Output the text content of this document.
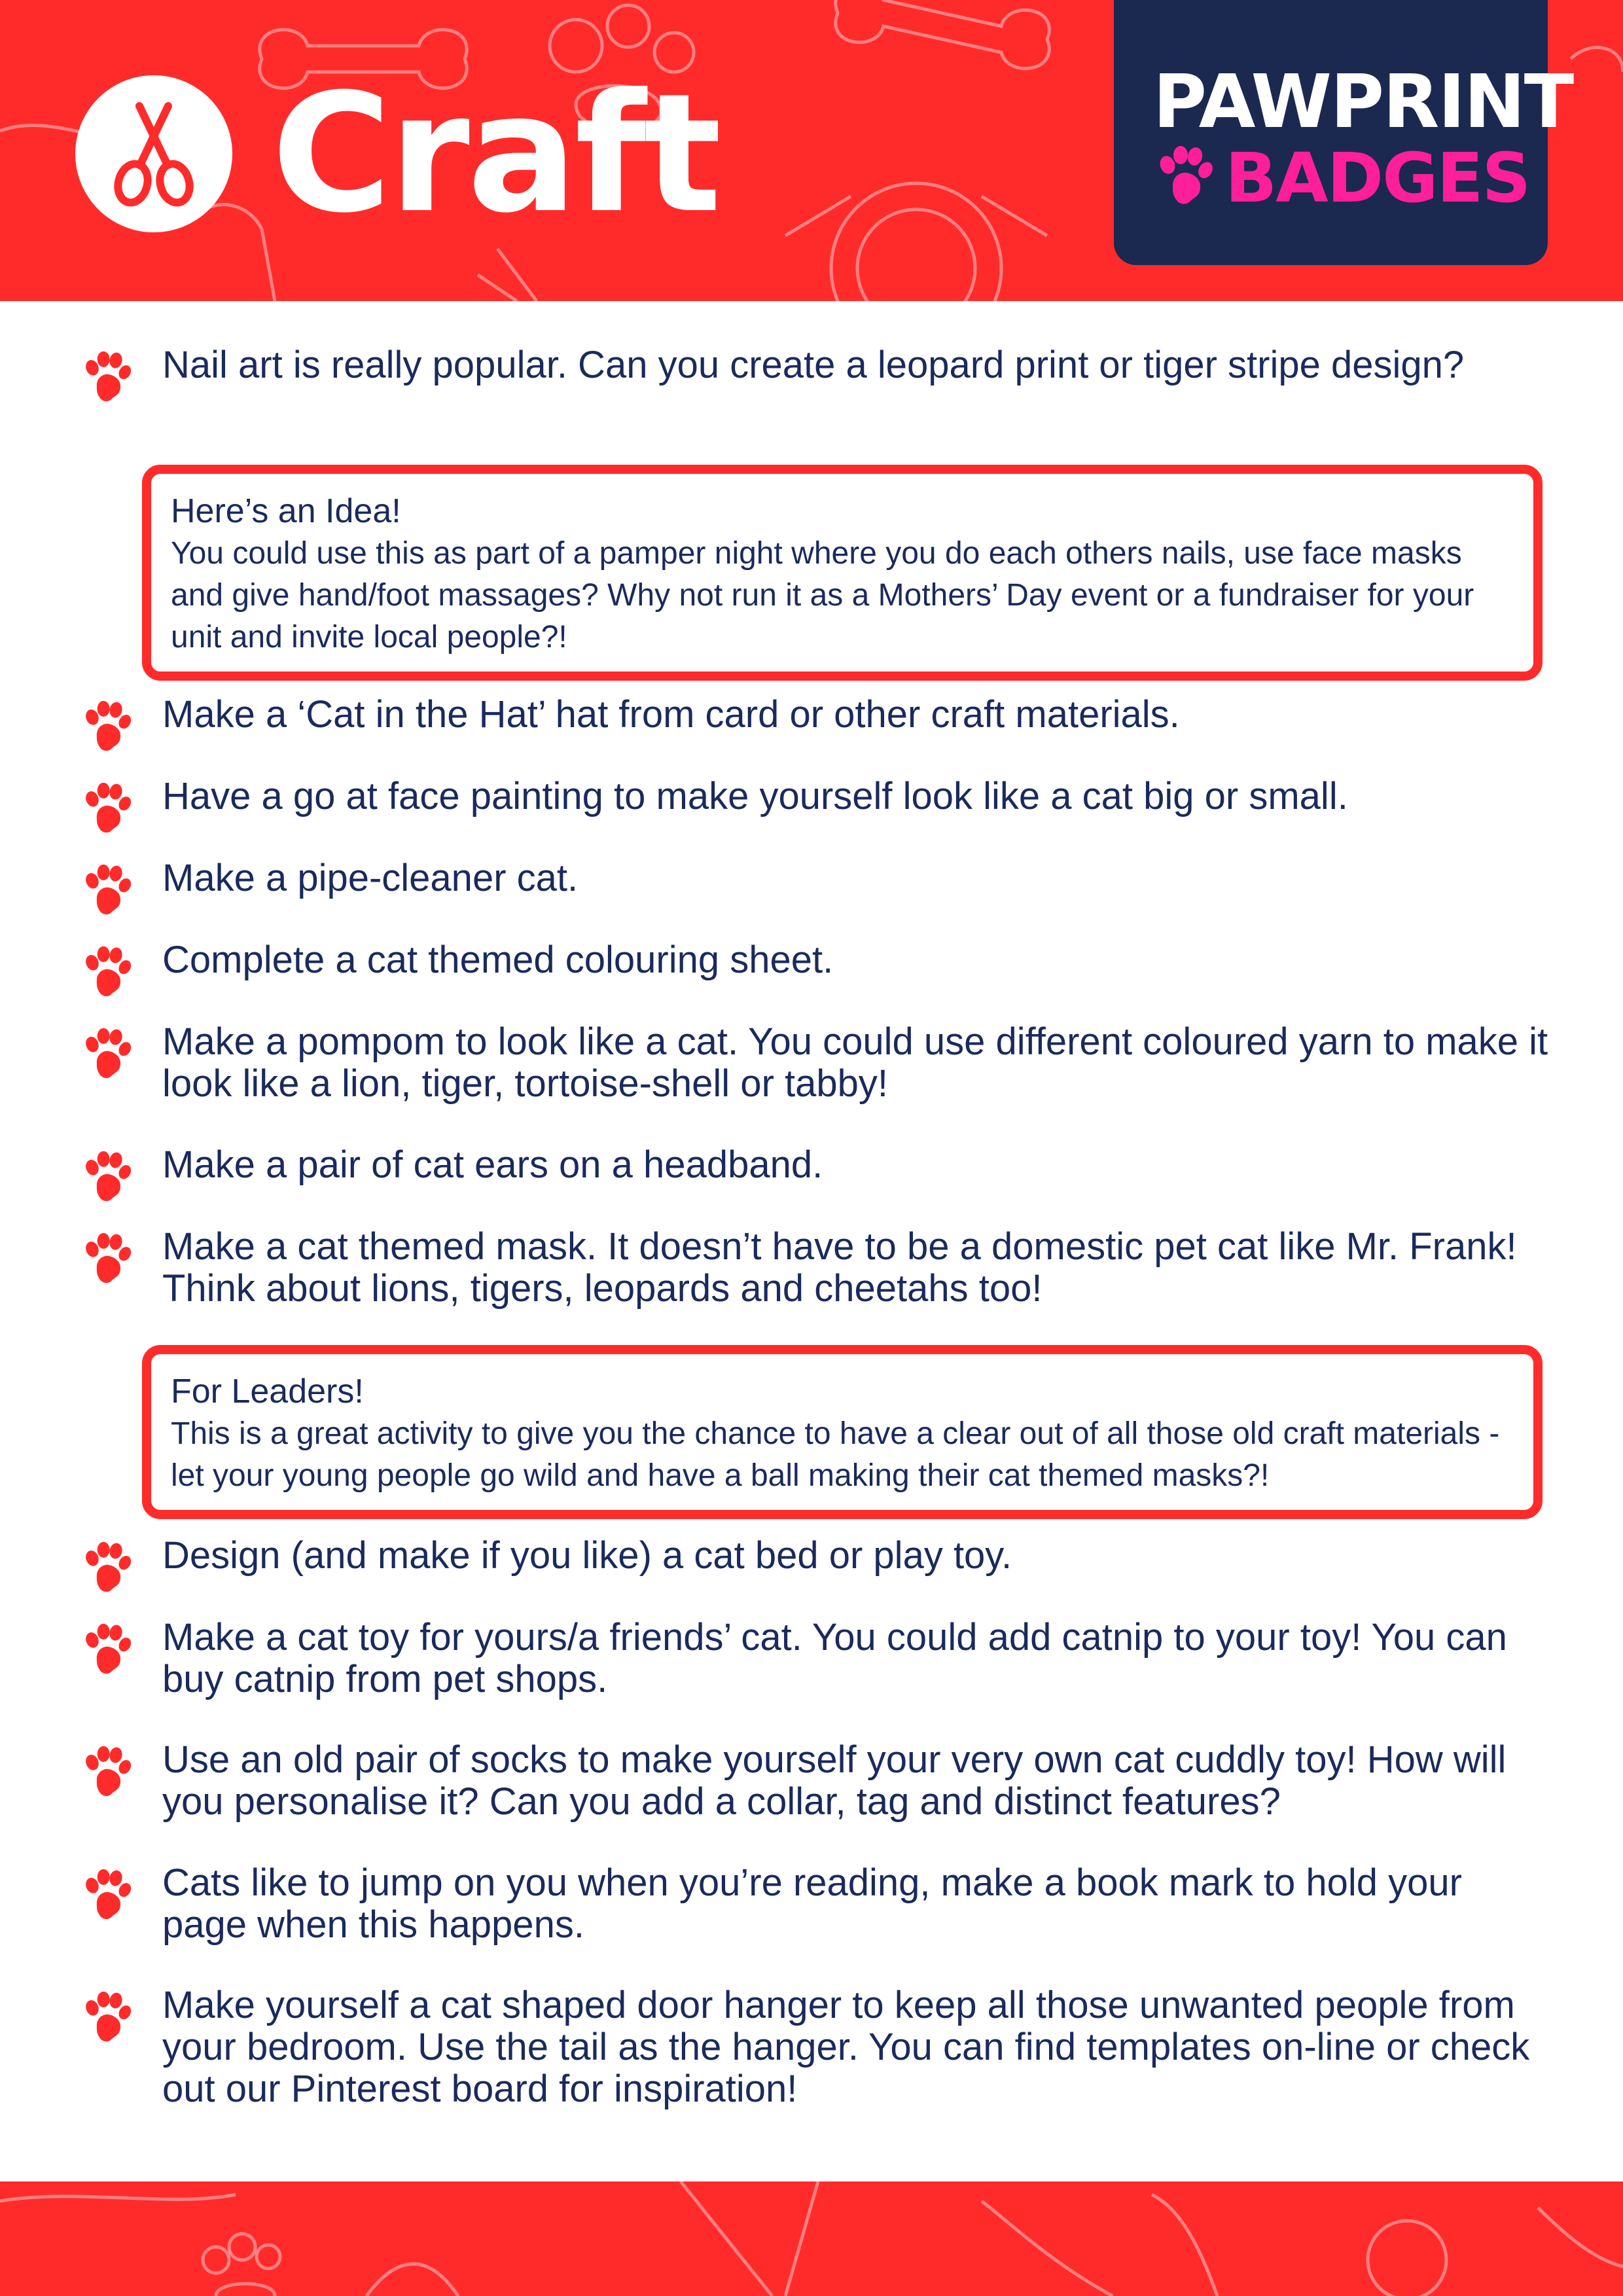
Craft	PAWPRINT
BADGES
Nail art is really popular. Can you create a leopard print or tiger stripe design?
Here’s an Idea!
You could use this as part of a pamper night where you do each others nails, use face masks and give hand/foot massages? Why not run it as a Mothers’ Day event or a fundraiser for your unit and invite local people?!
Make a ‘Cat in the Hat’ hat from card or other craft materials.
Have a go at face painting to make yourself look like a cat big or small.
Make a pipe-cleaner cat.
Complete a cat themed colouring sheet.
Make a pompom to look like a cat. You could use different coloured yarn to make it look like a lion, tiger, tortoise-shell or tabby!
Make a pair of cat ears on a headband.
Make a cat themed mask. It doesn’t have to be a domestic pet cat like Mr. Frank! Think about lions, tigers, leopards and cheetahs too!
For Leaders!
This is a great activity to give you the chance to have a clear out of all those old craft materials - let your young people go wild and have a ball making their cat themed masks?!
Design (and make if you like) a cat bed or play toy.
Make a cat toy for yours/a friends’ cat. You could add catnip to your toy! You can buy catnip from pet shops.
Use an old pair of socks to make yourself your very own cat cuddly toy! How will you personalise it? Can you add a collar, tag and distinct features?
Cats like to jump on you when you’re reading, make a book mark to hold your page when this happens.
Make yourself a cat shaped door hanger to keep all those unwanted people from your bedroom. Use the tail as the hanger. You can find templates on-line or check out our Pinterest board for inspiration!
